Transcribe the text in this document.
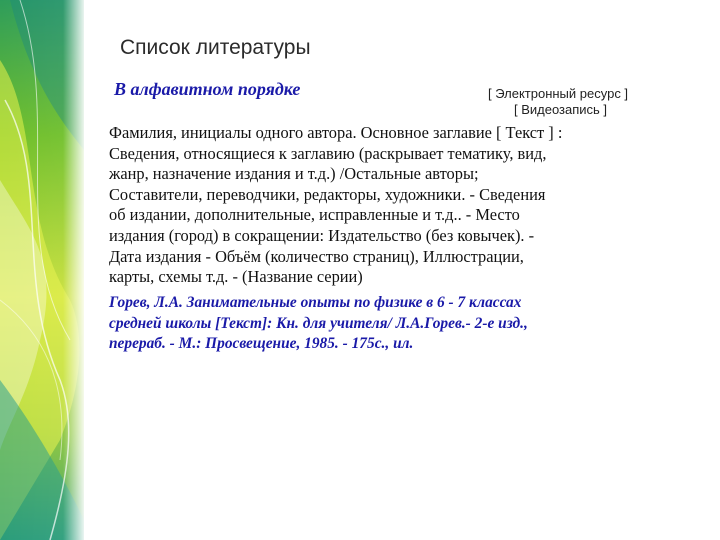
Список литературы
В алфавитном порядке	[ Электронный ресурс ]
[ Видеозапись ]
Фамилия, инициалы одного автора. Основное заглавие [ Текст ] :
Сведения, относящиеся к заглавию (раскрывает тематику, вид,
жанр, назначение издания и т.д.) /Остальные авторы;
Составители, переводчики, редакторы, художники. - Сведения
об издании, дополнительные, исправленные и т.д.. - Место
издания (город) в сокращении: Издательство (без ковычек). -
Дата издания - Объём (количество страниц), Иллюстрации,
карты, схемы т.д. - (Название серии)
Горев, Л.А. Занимательные опыты по физике в 6 - 7 классах
средней школы [Текст]: Кн. для учителя/ Л.А.Горев.- 2-е изд.,
перераб. - М.: Просвещение, 1985. - 175с., ил.
